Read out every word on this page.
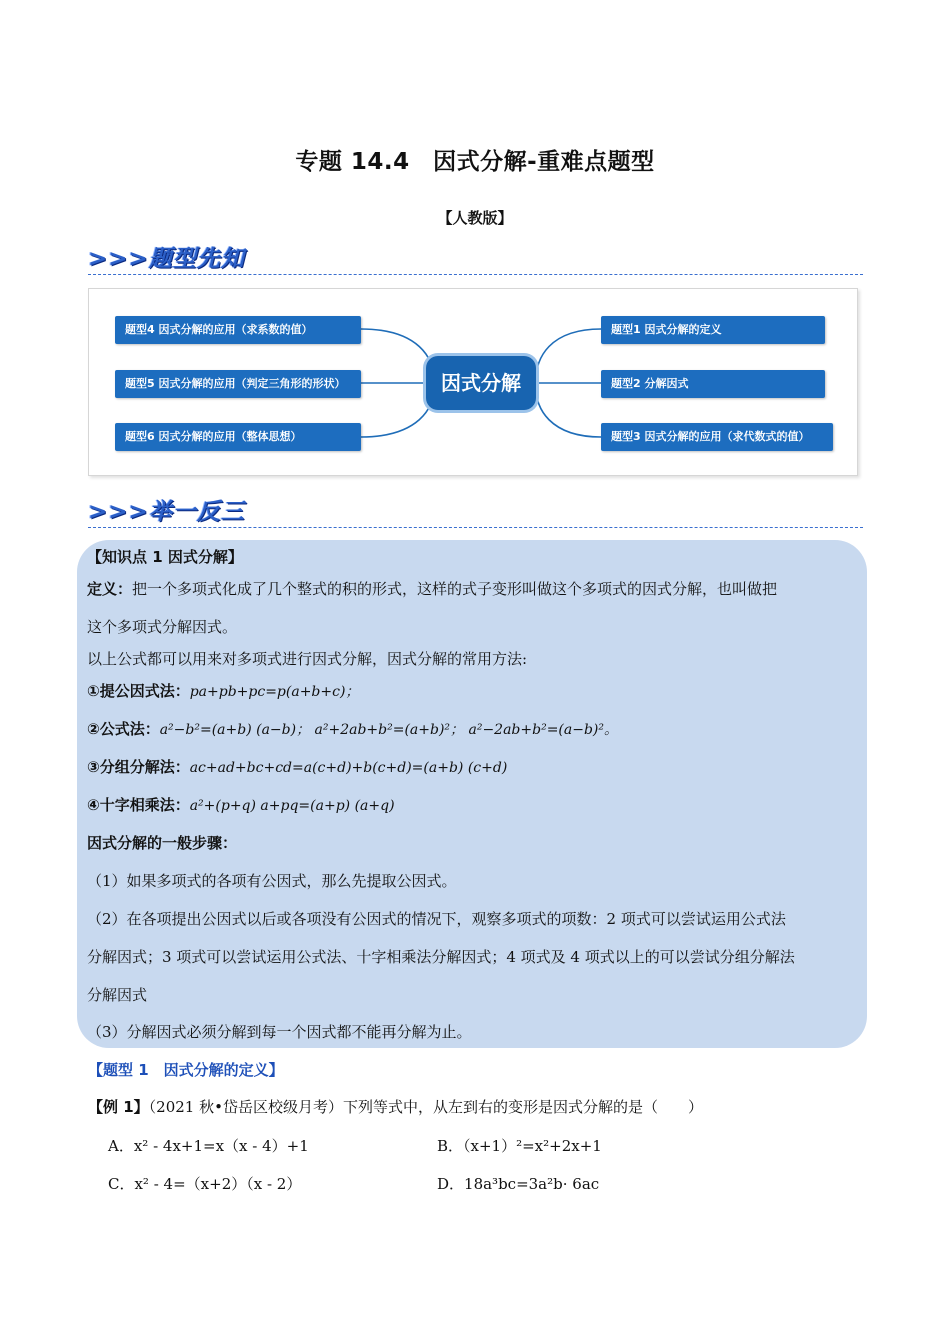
专题 14.4　因式分解-重难点题型
【人教版】
>>>题型先知
题型4 因式分解的应用（求系数的值）
题型5 因式分解的应用（判定三角形的形状）
题型6 因式分解的应用（整体思想）
因式分解
题型1 因式分解的定义
题型2 分解因式
题型3 因式分解的应用（求代数式的值）
>>>举一反三
【知识点 1 因式分解】
定义：把一个多项式化成了几个整式的积的形式，这样的式子变形叫做这个多项式的因式分解，也叫做把
这个多项式分解因式。
以上公式都可以用来对多项式进行因式分解，因式分解的常用方法:
①提公因式法：pa+pb+pc=p(a+b+c)；
②公式法：a²−b²=(a+b) (a−b)； a²+2ab+b²=(a+b)²； a²−2ab+b²=(a−b)²。
③分组分解法：ac+ad+bc+cd=a(c+d)+b(c+d)=(a+b) (c+d)
④十字相乘法：a²+(p+q) a+pq=(a+p) (a+q)
因式分解的一般步骤：
（1）如果多项式的各项有公因式，那么先提取公因式。
（2）在各项提出公因式以后或各项没有公因式的情况下，观察多项式的项数：2 项式可以尝试运用公式法
分解因式；3 项式可以尝试运用公式法、十字相乘法分解因式；4 项式及 4 项式以上的可以尝试分组分解法
分解因式
（3）分解因式必须分解到每一个因式都不能再分解为止。
【题型 1　因式分解的定义】
【例 1】（2021 秋•岱岳区校级月考）下列等式中，从左到右的变形是因式分解的是（　　）
A．x² - 4x+1=x（x - 4）+1	B．（x+1）²=x²+2x+1
C．x² - 4=（x+2）（x - 2）	D．18a³bc=3a²b· 6ac
